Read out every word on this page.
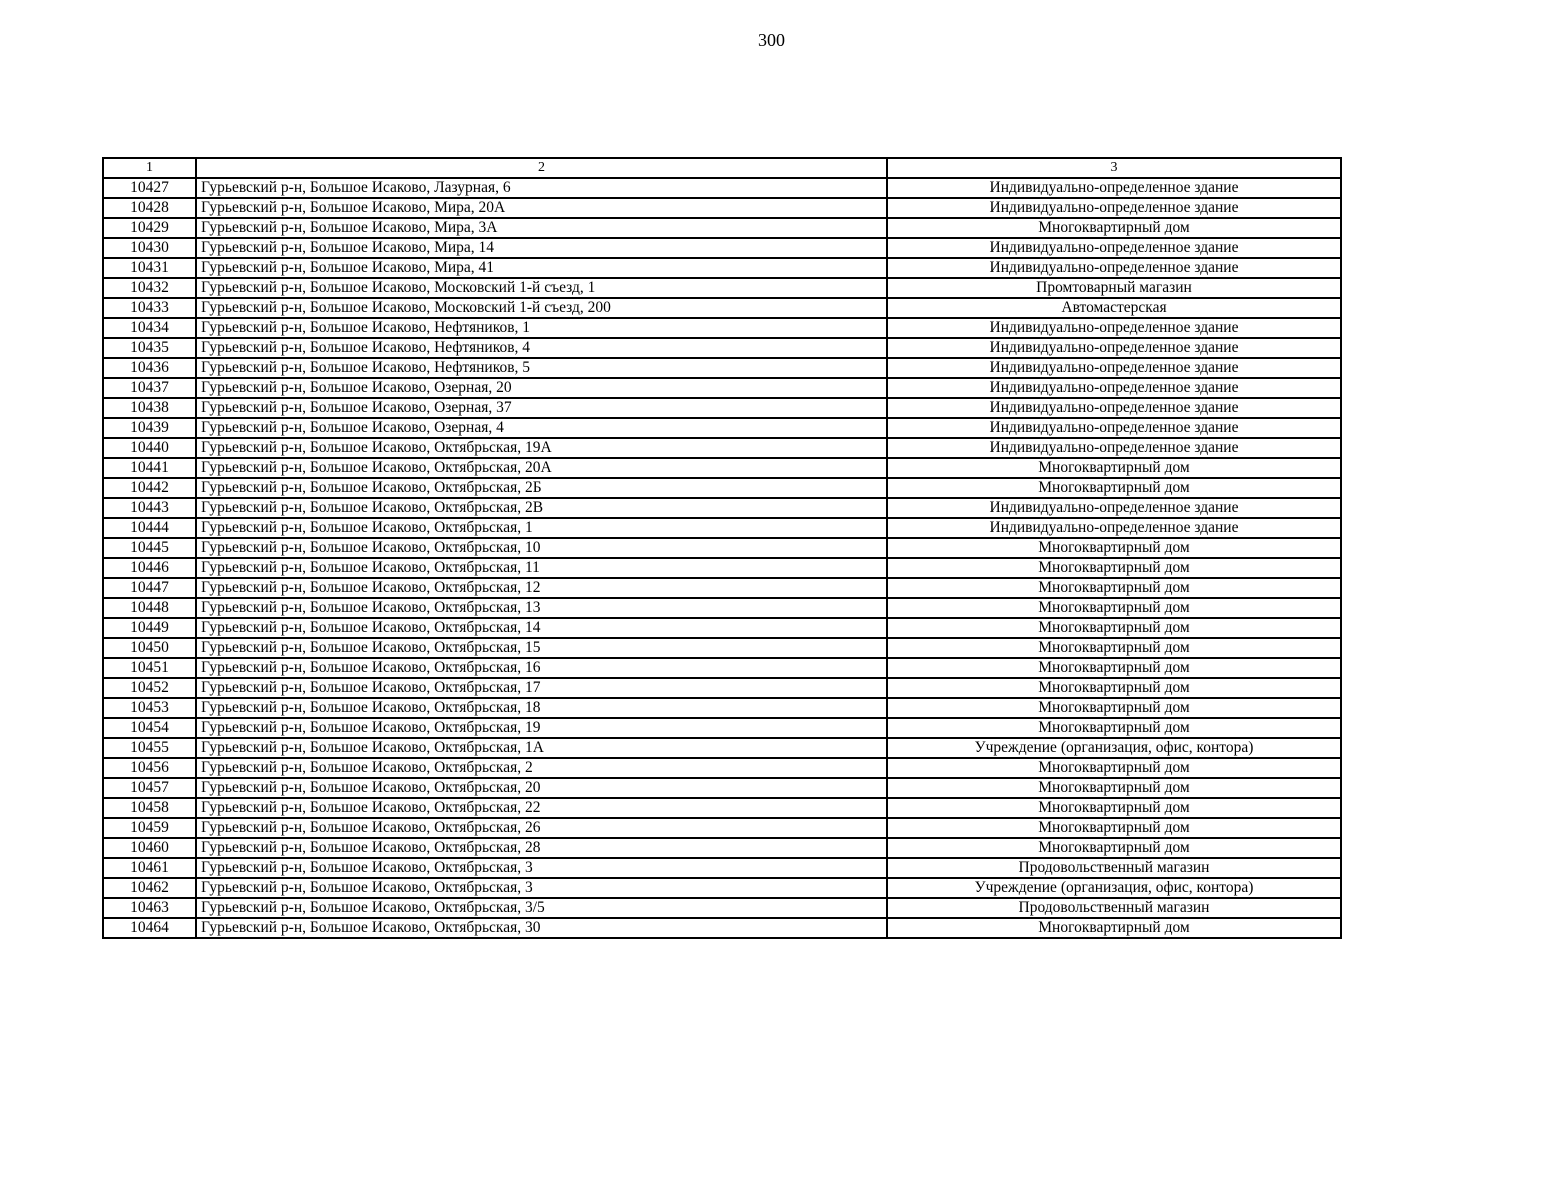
300
1	2	3
10427	Гурьевский р-н, Большое Исаково, Лазурная, 6	Индивидуально-определенное здание
10428	Гурьевский р-н, Большое Исаково, Мира, 20А	Индивидуально-определенное здание
10429	Гурьевский р-н, Большое Исаково, Мира, 3А	Многоквартирный дом
10430	Гурьевский р-н, Большое Исаково, Мира, 14	Индивидуально-определенное здание
10431	Гурьевский р-н, Большое Исаково, Мира, 41	Индивидуально-определенное здание
10432	Гурьевский р-н, Большое Исаково, Московский 1-й съезд, 1	Промтоварный магазин
10433	Гурьевский р-н, Большое Исаково, Московский 1-й съезд, 200	Автомастерская
10434	Гурьевский р-н, Большое Исаково, Нефтяников, 1	Индивидуально-определенное здание
10435	Гурьевский р-н, Большое Исаково, Нефтяников, 4	Индивидуально-определенное здание
10436	Гурьевский р-н, Большое Исаково, Нефтяников, 5	Индивидуально-определенное здание
10437	Гурьевский р-н, Большое Исаково, Озерная, 20	Индивидуально-определенное здание
10438	Гурьевский р-н, Большое Исаково, Озерная, 37	Индивидуально-определенное здание
10439	Гурьевский р-н, Большое Исаково, Озерная, 4	Индивидуально-определенное здание
10440	Гурьевский р-н, Большое Исаково, Октябрьская, 19А	Индивидуально-определенное здание
10441	Гурьевский р-н, Большое Исаково, Октябрьская, 20А	Многоквартирный дом
10442	Гурьевский р-н, Большое Исаково, Октябрьская, 2Б	Многоквартирный дом
10443	Гурьевский р-н, Большое Исаково, Октябрьская, 2В	Индивидуально-определенное здание
10444	Гурьевский р-н, Большое Исаково, Октябрьская, 1	Индивидуально-определенное здание
10445	Гурьевский р-н, Большое Исаково, Октябрьская, 10	Многоквартирный дом
10446	Гурьевский р-н, Большое Исаково, Октябрьская, 11	Многоквартирный дом
10447	Гурьевский р-н, Большое Исаково, Октябрьская, 12	Многоквартирный дом
10448	Гурьевский р-н, Большое Исаково, Октябрьская, 13	Многоквартирный дом
10449	Гурьевский р-н, Большое Исаково, Октябрьская, 14	Многоквартирный дом
10450	Гурьевский р-н, Большое Исаково, Октябрьская, 15	Многоквартирный дом
10451	Гурьевский р-н, Большое Исаково, Октябрьская, 16	Многоквартирный дом
10452	Гурьевский р-н, Большое Исаково, Октябрьская, 17	Многоквартирный дом
10453	Гурьевский р-н, Большое Исаково, Октябрьская, 18	Многоквартирный дом
10454	Гурьевский р-н, Большое Исаково, Октябрьская, 19	Многоквартирный дом
10455	Гурьевский р-н, Большое Исаково, Октябрьская, 1А	Учреждение (организация, офис, контора)
10456	Гурьевский р-н, Большое Исаково, Октябрьская, 2	Многоквартирный дом
10457	Гурьевский р-н, Большое Исаково, Октябрьская, 20	Многоквартирный дом
10458	Гурьевский р-н, Большое Исаково, Октябрьская, 22	Многоквартирный дом
10459	Гурьевский р-н, Большое Исаково, Октябрьская, 26	Многоквартирный дом
10460	Гурьевский р-н, Большое Исаково, Октябрьская, 28	Многоквартирный дом
10461	Гурьевский р-н, Большое Исаково, Октябрьская, 3	Продовольственный магазин
10462	Гурьевский р-н, Большое Исаково, Октябрьская, 3	Учреждение (организация, офис, контора)
10463	Гурьевский р-н, Большое Исаково, Октябрьская, 3/5	Продовольственный магазин
10464	Гурьевский р-н, Большое Исаково, Октябрьская, 30	Многоквартирный дом
